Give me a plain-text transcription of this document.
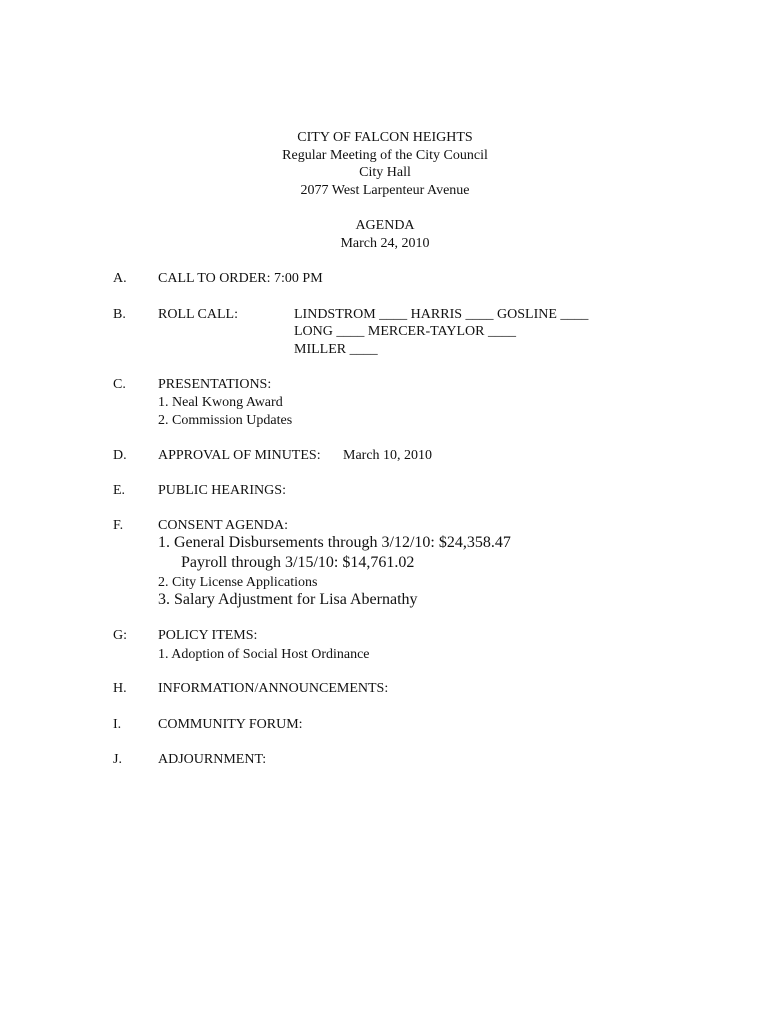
CITY OF FALCON HEIGHTS
Regular Meeting of the City Council
City Hall
2077 West Larpenteur Avenue
AGENDA
March 24, 2010
A. CALL TO ORDER: 7:00 PM
B. ROLL CALL:	LINDSTROM ____ HARRIS ____ GOSLINE ____
LONG ____ MERCER-TAYLOR ____
MILLER ____
C. PRESENTATIONS:
1. Neal Kwong Award
2. Commission Updates
D. APPROVAL OF MINUTES: March 10, 2010
E. PUBLIC HEARINGS:
F. CONSENT AGENDA:
1. General Disbursements through 3/12/10: $24,358.47
Payroll through 3/15/10: $14,761.02
2. City License Applications
3. Salary Adjustment for Lisa Abernathy
G: POLICY ITEMS:
1. Adoption of Social Host Ordinance
H. INFORMATION/ANNOUNCEMENTS:
I.	COMMUNITY FORUM:
J.	ADJOURNMENT:
